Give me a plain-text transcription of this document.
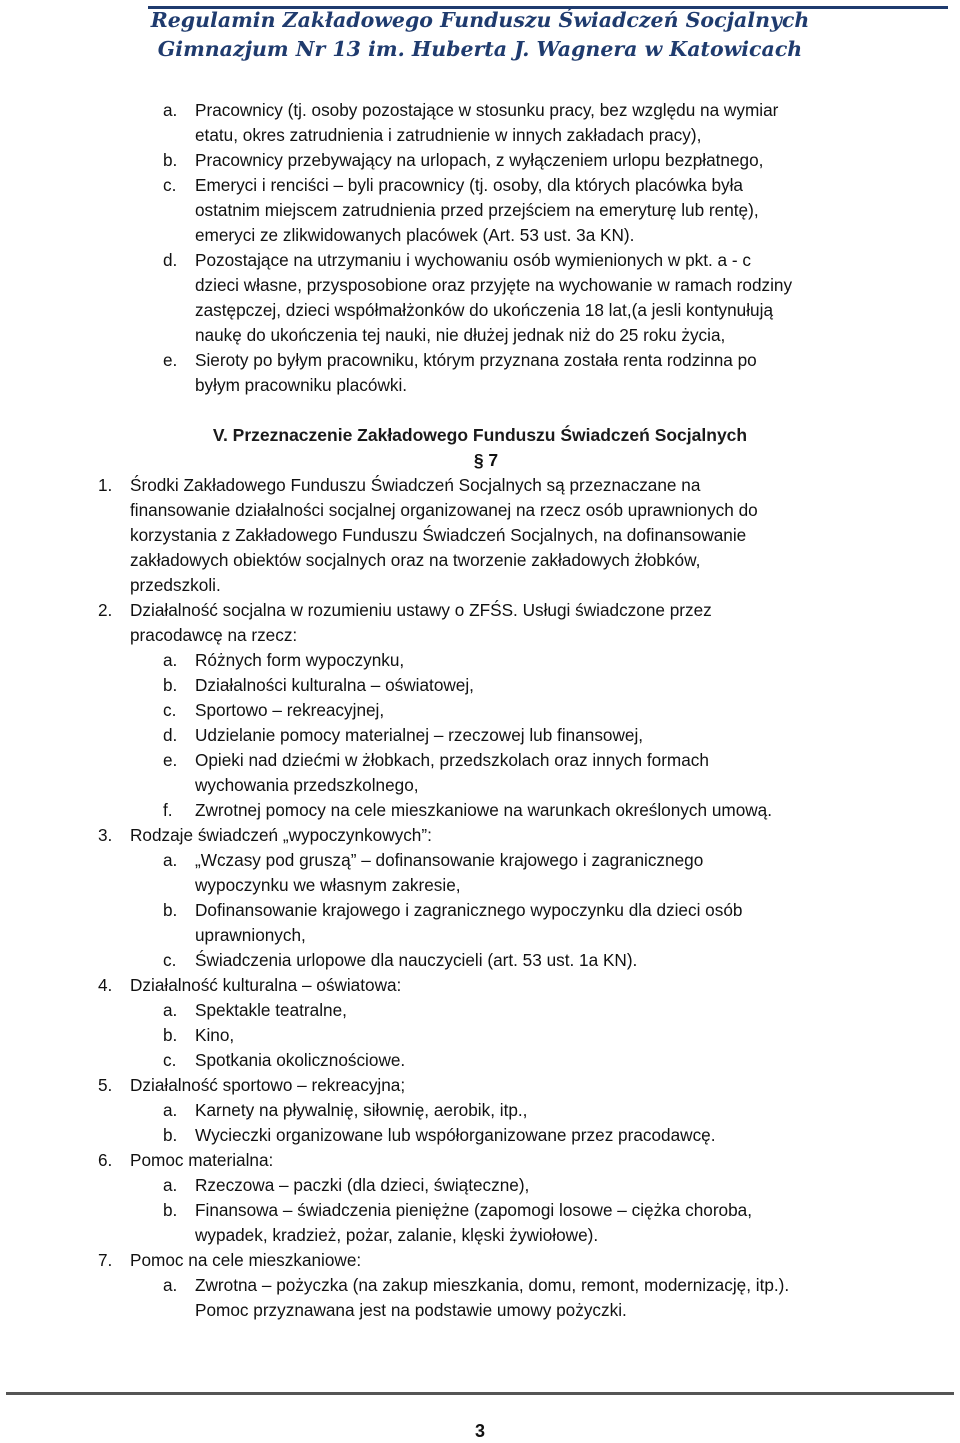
Regulamin Zakładowego Funduszu Świadczeń Socjalnych
Gimnazjum Nr 13 im. Huberta J. Wagnera w Katowicach
a. Pracownicy (tj. osoby pozostające w stosunku pracy, bez względu na wymiar
etatu, okres zatrudnienia i zatrudnienie w innych zakładach pracy),
b. Pracownicy przebywający na urlopach, z wyłączeniem urlopu bezpłatnego,
c. Emeryci i renciści – byli pracownicy (tj. osoby, dla których placówka była
ostatnim miejscem zatrudnienia przed przejściem na emeryturę lub rentę),
emeryci ze zlikwidowanych placówek (Art. 53 ust. 3a KN).
d. Pozostające na utrzymaniu i wychowaniu osób wymienionych w pkt. a - c
dzieci własne, przysposobione oraz przyjęte na wychowanie w ramach rodziny
zastępczej, dzieci współmałżonków do ukończenia 18 lat,(a jesli kontynułują
naukę do ukończenia tej nauki, nie dłużej jednak niż do 25 roku życia,
e. Sieroty po byłym pracowniku, którym przyznana została renta rodzinna po
byłym pracowniku placówki.
V. Przeznaczenie Zakładowego Funduszu Świadczeń Socjalnych
§ 7
1. Środki Zakładowego Funduszu Świadczeń Socjalnych są przeznaczane na
finansowanie działalności socjalnej organizowanej na rzecz osób uprawnionych do
korzystania z Zakładowego Funduszu Świadczeń Socjalnych, na dofinansowanie
zakładowych obiektów socjalnych oraz na tworzenie zakładowych żłobków,
przedszkoli.
2. Działalność socjalna w rozumieniu ustawy o ZFŚS. Usługi świadczone przez
pracodawcę na rzecz:
a. Różnych form wypoczynku,
b. Działalności kulturalna – oświatowej,
c. Sportowo – rekreacyjnej,
d. Udzielanie pomocy materialnej – rzeczowej lub finansowej,
e. Opieki nad dziećmi w żłobkach, przedszkolach oraz innych formach
wychowania przedszkolnego,
f. Zwrotnej pomocy na cele mieszkaniowe na warunkach określonych umową.
3. Rodzaje świadczeń „wypoczynkowych”:
a. „Wczasy pod gruszą” – dofinansowanie krajowego i zagranicznego
wypoczynku we własnym zakresie,
b. Dofinansowanie krajowego i zagranicznego wypoczynku dla dzieci osób
uprawnionych,
c. Świadczenia urlopowe dla nauczycieli (art. 53 ust. 1a KN).
4. Działalność kulturalna – oświatowa:
a. Spektakle teatralne,
b. Kino,
c. Spotkania okolicznościowe.
5. Działalność sportowo – rekreacyjna;
a. Karnety na pływalnię, siłownię, aerobik, itp.,
b. Wycieczki organizowane lub współorganizowane przez pracodawcę.
6. Pomoc materialna:
a. Rzeczowa – paczki (dla dzieci, świąteczne),
b. Finansowa – świadczenia pieniężne (zapomogi losowe – ciężka choroba,
wypadek, kradzież, pożar, zalanie, klęski żywiołowe).
7. Pomoc na cele mieszkaniowe:
a. Zwrotna – pożyczka (na zakup mieszkania, domu, remont, modernizację, itp.).
Pomoc przyznawana jest na podstawie umowy pożyczki.
3
